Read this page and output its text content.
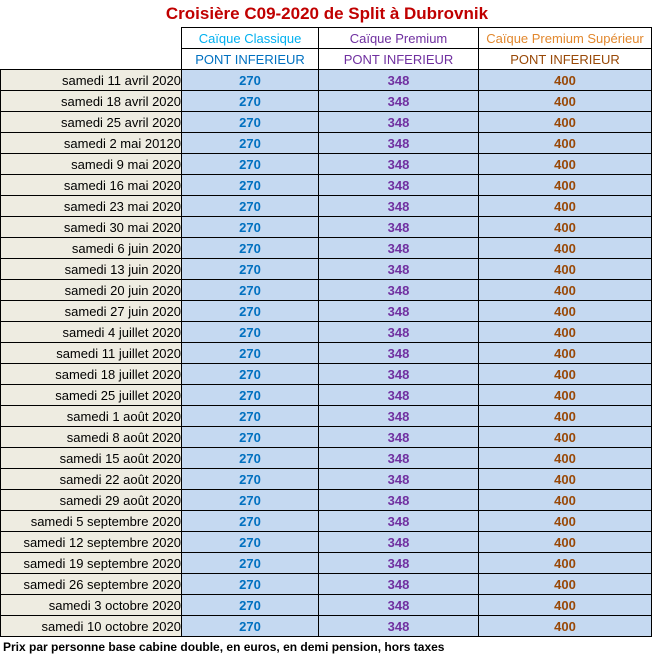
Croisière C09-2020 de Split à Dubrovnik
	Caïque Classique	Caïque Premium	Caïque Premium Supérieur
	PONT INFERIEUR	PONT INFERIEUR	PONT INFERIEUR
samedi 11 avril 2020	270	348	400
samedi 18 avril 2020	270	348	400
samedi 25 avril 2020	270	348	400
samedi 2 mai 20120	270	348	400
samedi 9 mai 2020	270	348	400
samedi 16 mai 2020	270	348	400
samedi 23 mai 2020	270	348	400
samedi 30 mai 2020	270	348	400
samedi 6 juin 2020	270	348	400
samedi 13 juin 2020	270	348	400
samedi 20 juin 2020	270	348	400
samedi 27 juin 2020	270	348	400
samedi 4 juillet 2020	270	348	400
samedi 11 juillet 2020	270	348	400
samedi 18 juillet 2020	270	348	400
samedi 25 juillet 2020	270	348	400
samedi 1 août 2020	270	348	400
samedi 8 août 2020	270	348	400
samedi 15 août 2020	270	348	400
samedi 22 août 2020	270	348	400
samedi 29 août 2020	270	348	400
samedi 5 septembre 2020	270	348	400
samedi 12 septembre 2020	270	348	400
samedi 19 septembre 2020	270	348	400
samedi 26 septembre 2020	270	348	400
samedi 3 octobre 2020	270	348	400
samedi 10 octobre 2020	270	348	400
Prix par personne base cabine double, en euros, en demi pension, hors taxes
